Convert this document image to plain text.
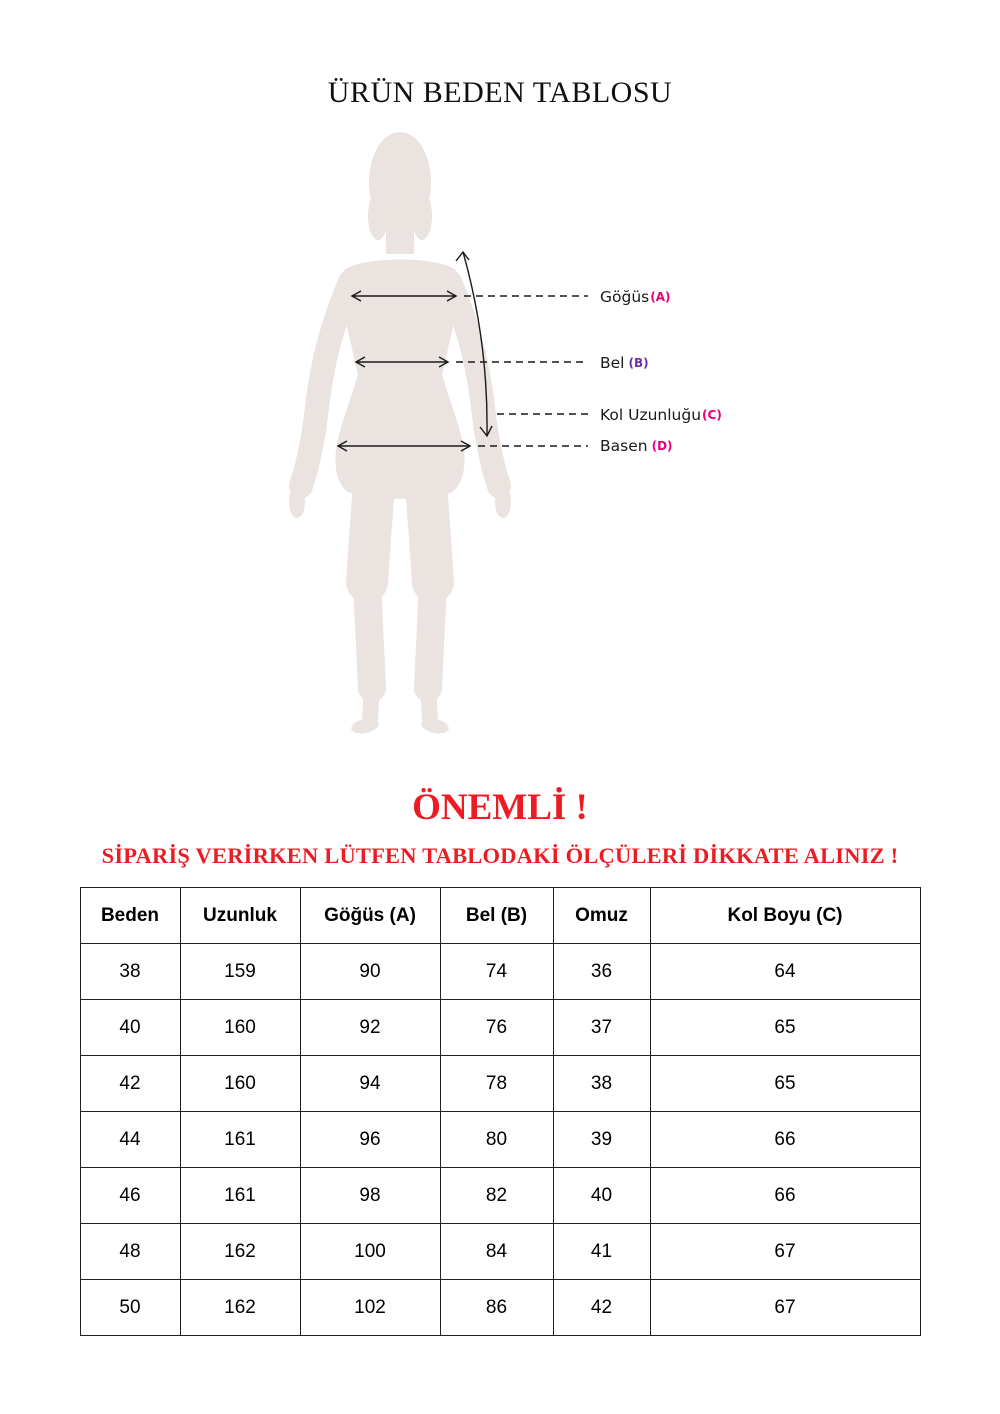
ÜRÜN BEDEN TABLOSU
Göğüs(A)
Bel (B)
Kol Uzunluğu(C)
Basen (D)
ÖNEMLİ !
SİPARİŞ VERİRKEN LÜTFEN TABLODAKİ ÖLÇÜLERİ DİKKATE ALINIZ !
Beden	Uzunluk	Göğüs (A)	Bel (B)	Omuz	Kol Boyu (C)
38	159	90	74	36	64
40	160	92	76	37	65
42	160	94	78	38	65
44	161	96	80	39	66
46	161	98	82	40	66
48	162	100	84	41	67
50	162	102	86	42	67
